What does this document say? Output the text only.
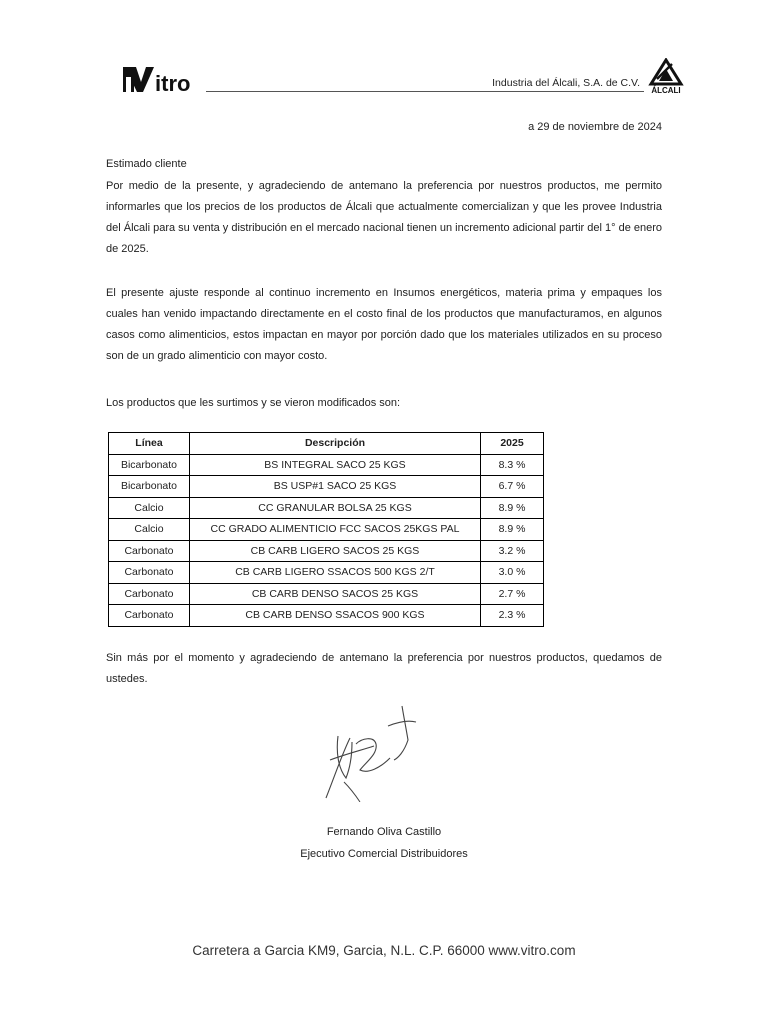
itro	Industria del Álcali, S.A. de C.V.
ÁLCALI
a 29 de noviembre de 2024
Estimado cliente
Por medio de la presente, y agradeciendo de antemano la preferencia por nuestros productos, me permito informarles que los precios de los productos de Álcali que actualmente comercializan y que les provee Industria del Álcali para su venta y distribución en el mercado nacional tienen un incremento adicional partir del 1° de enero de 2025.
El presente ajuste responde al continuo incremento en Insumos energéticos, materia prima y empaques los cuales han venido impactando directamente en el costo final de los productos que manufacturamos, en algunos casos como alimenticios, estos impactan en mayor por porción dado que los materiales utilizados en su proceso son de un grado alimenticio con mayor costo.
Los productos que les surtimos y se vieron modificados son:
Línea	Descripción	2025
Bicarbonato	BS INTEGRAL SACO 25 KGS	8.3 %
Bicarbonato	BS USP#1 SACO 25 KGS	6.7 %
Calcio	CC GRANULAR BOLSA 25 KGS	8.9 %
Calcio	CC GRADO ALIMENTICIO FCC SACOS 25KGS PAL	8.9 %
Carbonato	CB CARB LIGERO SACOS 25 KGS	3.2 %
Carbonato	CB CARB LIGERO SSACOS 500 KGS 2/T	3.0 %
Carbonato	CB CARB DENSO SACOS 25 KGS	2.7 %
Carbonato	CB CARB DENSO SSACOS 900 KGS	2.3 %
Sin más por el momento y agradeciendo de antemano la preferencia por nuestros productos, quedamos de ustedes.
Fernando Oliva Castillo
Ejecutivo Comercial Distribuidores
Carretera a Garcia KM9, Garcia, N.L. C.P. 66000 www.vitro.com
